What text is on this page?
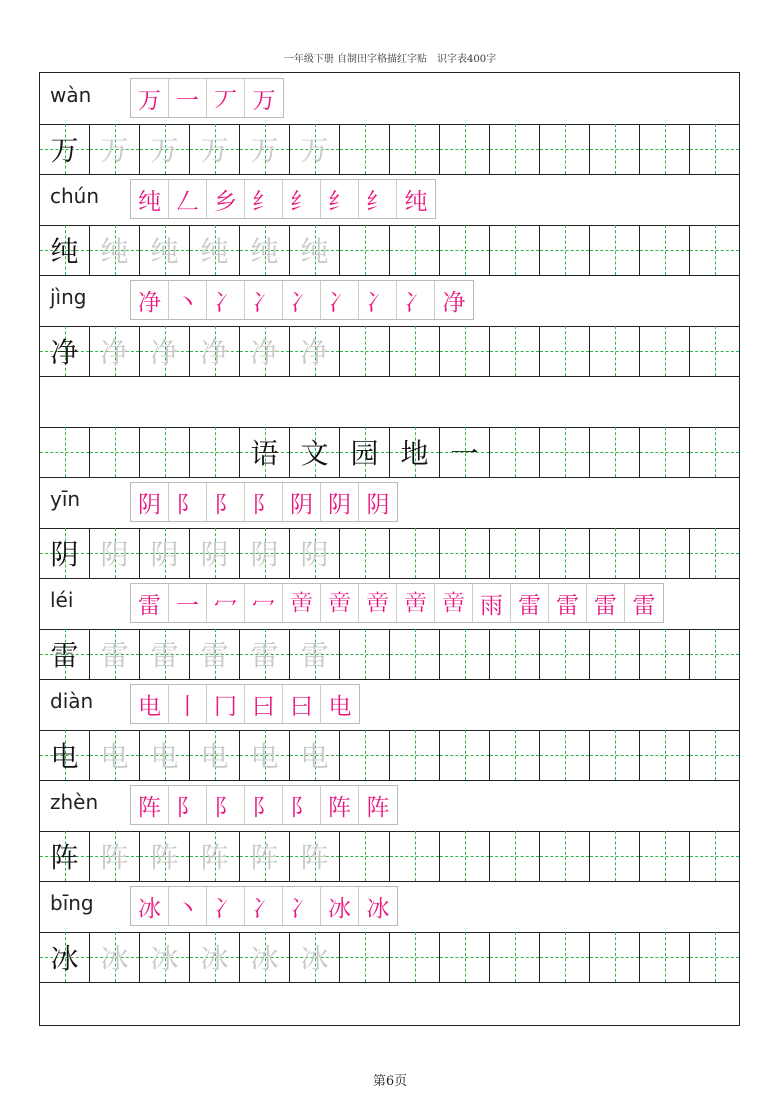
一年级下册 自制田字格描红字贴　识字表400字
wàn	万 一 丆 万
万 万 万 万 万 万
chún	纯 𠃋 乡 纟 纟 纟 纟 纯
纯 纯 纯 纯 纯 纯
jìng	净 丶 冫 冫 冫 冫 冫 冫 净
净 净 净 净 净 净
语 文 园 地 一
yīn	阴 阝 阝 阝 阴 阴 阴
阴 阴 阴 阴 阴 阴
léi	雷 一 冖 冖 𠶷 𠶷 𠶷 𠶷 𠶷 雨 雷 雷 雷 雷
雷 雷 雷 雷 雷 雷
diàn	电 丨 冂 曰 曰 电
电 电 电 电 电 电
zhèn	阵 阝 阝 阝 阝 阵 阵
阵 阵 阵 阵 阵 阵
bīng	冰 丶 冫 冫 冫 冰 冰
冰 冰 冰 冰 冰 冰
第6页
